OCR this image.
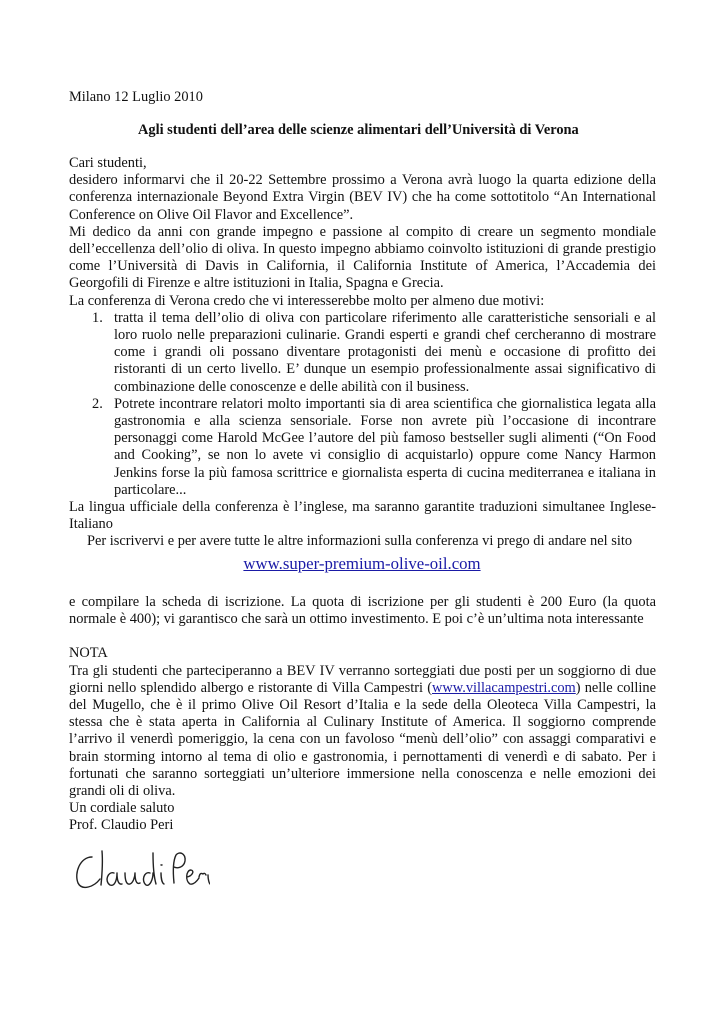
Milano 12 Luglio 2010

Agli studenti dell’area delle scienze alimentari dell’Università di Verona

Cari studenti,

desidero informarvi che il 20-22 Settembre prossimo a Verona avrà luogo la quarta edizione della conferenza internazionale Beyond Extra Virgin (BEV IV) che ha come sottotitolo “An International Conference on Olive Oil Flavor and Excellence”.

Mi dedico da anni con grande impegno e passione al compito di creare un segmento mondiale dell’eccellenza dell’olio di oliva. In questo impegno abbiamo coinvolto istituzioni di grande prestigio come l’Università di Davis in California, il California Institute of America, l’Accademia dei Georgofili di Firenze e altre istituzioni in Italia, Spagna e Grecia.

La conferenza di Verona credo che vi interesserebbe molto per almeno due motivi:

1. tratta il tema dell’olio di oliva con particolare riferimento alle caratteristiche sensoriali e al loro ruolo nelle preparazioni culinarie. Grandi esperti e grandi chef cercheranno di mostrare come i grandi oli possano diventare protagonisti dei menù e occasione di profitto dei ristoranti di un certo livello. E’ dunque un esempio professionalmente assai significativo di combinazione delle conoscenze e delle abilità con il business.
2. Potrete incontrare relatori molto importanti sia di area scientifica che giornalistica legata alla gastronomia e alla scienza sensoriale. Forse non avrete più l’occasione di incontrare personaggi come Harold McGee l’autore del più famoso bestseller sugli alimenti (“On Food and Cooking”, se non lo avete vi consiglio di acquistarlo) oppure come Nancy Harmon Jenkins forse la più famosa scrittrice e giornalista esperta di cucina mediterranea e italiana in particolare...

La lingua ufficiale della conferenza è l’inglese, ma saranno garantite traduzioni simultanee Inglese-Italiano

Per iscrivervi e per avere tutte le altre informazioni sulla conferenza vi prego di andare nel sito

www.super-premium-olive-oil.com

e compilare la scheda di iscrizione. La quota di iscrizione per gli studenti è 200 Euro (la quota normale è 400); vi garantisco che sarà un ottimo investimento. E poi c’è un’ultima nota interessante

NOTA

Tra gli studenti che parteciperanno a BEV IV verranno sorteggiati due posti per un soggiorno di due giorni nello splendido albergo e ristorante di Villa Campestri (www.villacampestri.com) nelle colline del Mugello, che è il primo Olive Oil Resort d’Italia e la sede della Oleoteca Villa Campestri, la stessa che è stata aperta in California al Culinary Institute of America. Il soggiorno comprende l’arrivo il venerdì pomeriggio, la cena con un favoloso “menù dell’olio” con assaggi comparativi e brain storming intorno al tema di olio e gastronomia, i pernottamenti di venerdì e di sabato. Per i fortunati che saranno sorteggiati un’ulteriore immersione nella conoscenza e nelle emozioni dei grandi oli di oliva.

Un cordiale saluto

Prof. Claudio Peri
